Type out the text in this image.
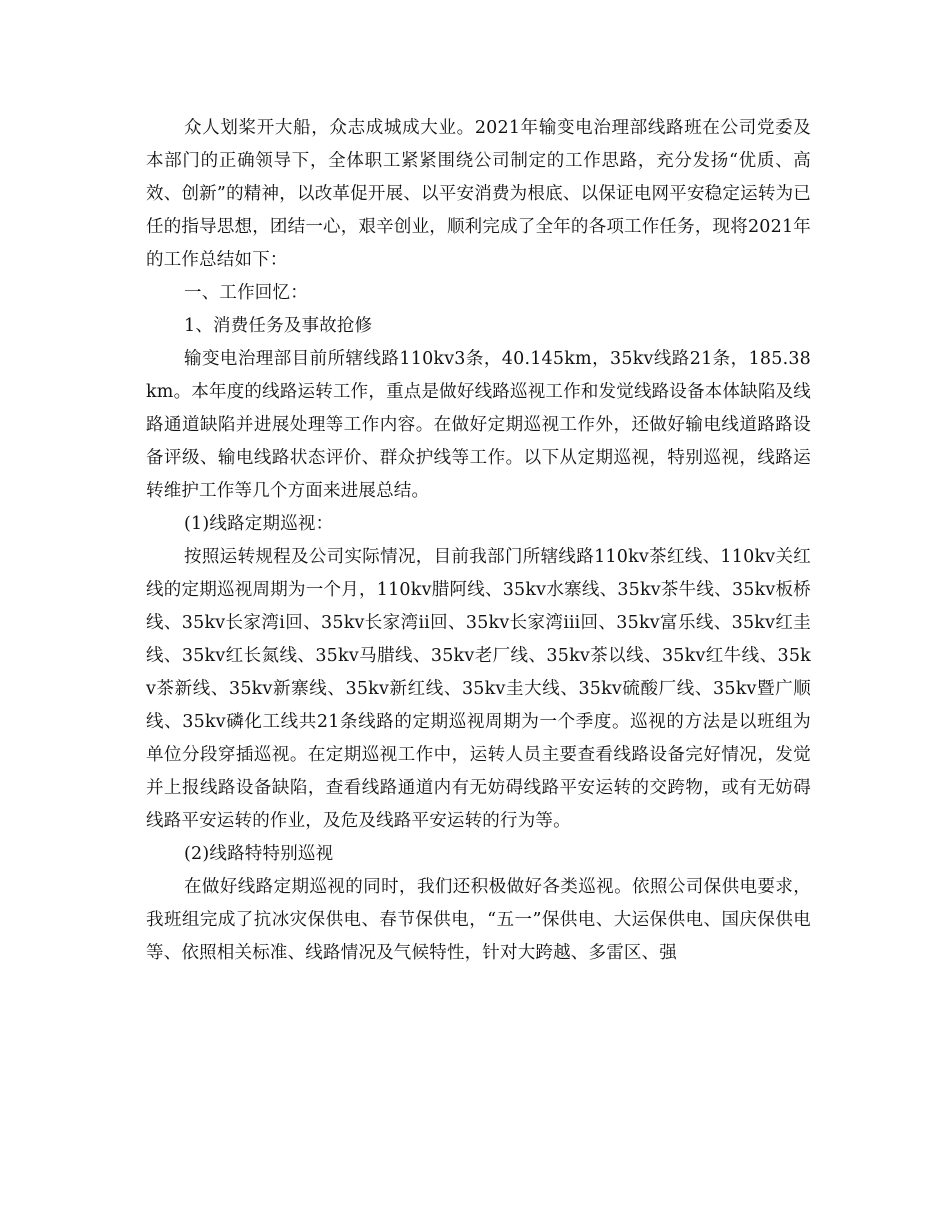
众人划桨开大船，众志成城成大业。2021年输变电治理部线路班在公司党委及本部门的正确领导下，全体职工紧紧围绕公司制定的工作思路，充分发扬“优质、高效、创新”的精神，以改革促开展、以平安消费为根底、以保证电网平安稳定运转为已任的指导思想，团结一心，艰辛创业，顺利完成了全年的各项工作任务，现将2021年的工作总结如下：

一、工作回忆：

1、消费任务及事故抢修

输变电治理部目前所辖线路110kv3条，40.145km，35kv线路21条，185.38km。本年度的线路运转工作，重点是做好线路巡视工作和发觉线路设备本体缺陷及线路通道缺陷并进展处理等工作内容。在做好定期巡视工作外，还做好输电线道路路设备评级、输电线路状态评价、群众护线等工作。以下从定期巡视，特别巡视，线路运转维护工作等几个方面来进展总结。

(1)线路定期巡视：

按照运转规程及公司实际情况，目前我部门所辖线路110kv茶红线、110kv关红线的定期巡视周期为一个月，110kv腊阿线、35kv水寨线、35kv茶牛线、35kv板桥线、35kv长家湾ⅰ回、35kv长家湾ⅱ回、35kv长家湾ⅲ回、35kv富乐线、35kv红圭线、35kv红长氮线、35kv马腊线、35kv老厂线、35kv茶以线、35kv红牛线、35kv茶新线、35kv新寨线、35kv新红线、35kv圭大线、35kv硫酸厂线、35kv暨广顺线、35kv磷化工线共21条线路的定期巡视周期为一个季度。巡视的方法是以班组为单位分段穿插巡视。在定期巡视工作中，运转人员主要查看线路设备完好情况，发觉并上报线路设备缺陷，查看线路通道内有无妨碍线路平安运转的交跨物，或有无妨碍线路平安运转的作业，及危及线路平安运转的行为等。

(2)线路特特别巡视

在做好线路定期巡视的同时，我们还积极做好各类巡视。依照公司保供电要求，我班组完成了抗冰灾保供电、春节保供电，“五一”保供电、大运保供电、国庆保供电等、依照相关标准、线路情况及气候特性，针对大跨越、多雷区、强
